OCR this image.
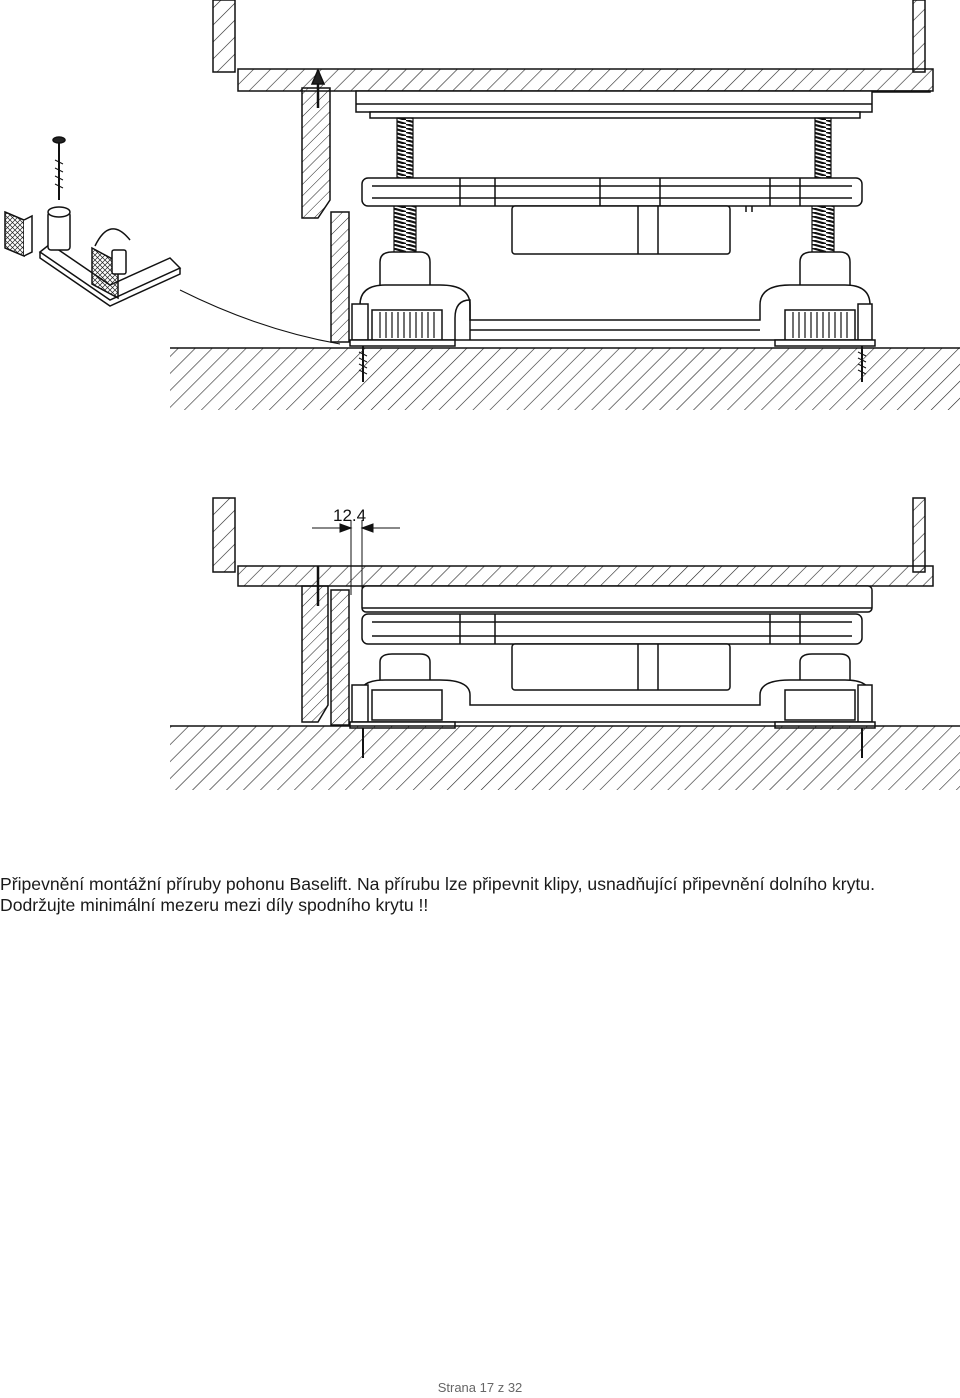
12.4

Připevnění montážní příruby pohonu Baselift. Na přírubu lze připevnit klipy, usnadňující připevnění dolního krytu. Dodržujte minimální mezeru mezi díly spodního krytu !!

Strana 17 z 32
